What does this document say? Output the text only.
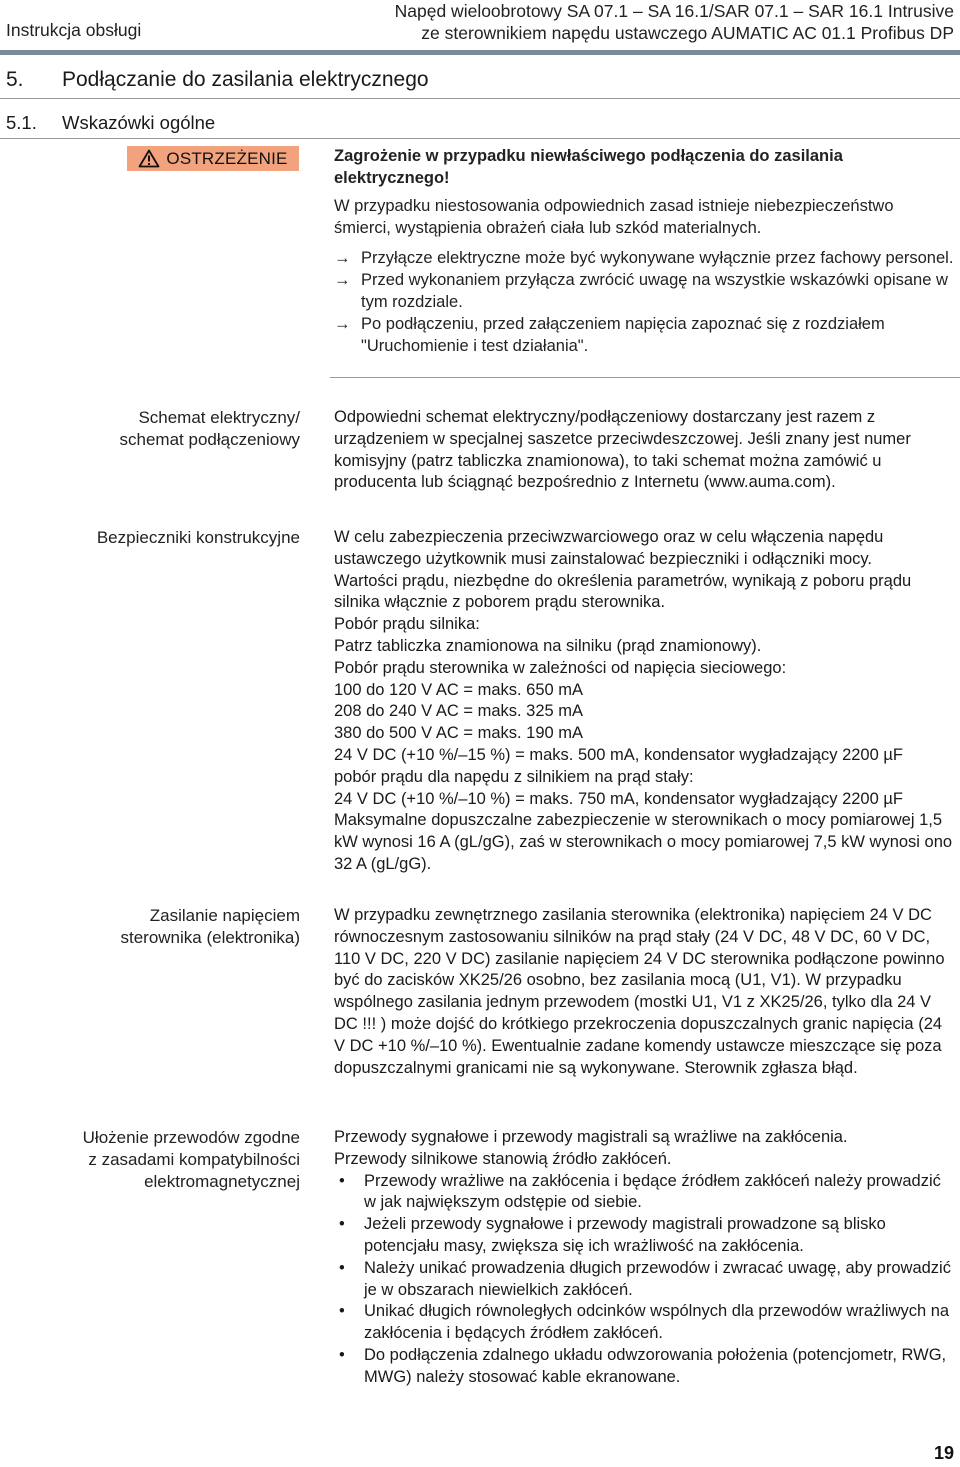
Instrukcja obsługi
Napęd wieloobrotowy SA 07.1 – SA 16.1/SAR 07.1 – SAR 16.1 Intrusive
ze sterownikiem napędu ustawczego AUMATIC AC 01.1 Profibus DP
5. Podłączanie do zasilania elektrycznego
5.1. Wskazówki ogólne
OSTRZEŻENIE	Zagrożenie w przypadku niewłaściwego podłączenia do zasilania elektrycznego!
W przypadku niestosowania odpowiednich zasad istnieje niebezpieczeństwo śmierci, wystąpienia obrażeń ciała lub szkód materialnych.
→ Przyłącze elektryczne może być wykonywane wyłącznie przez fachowy personel.
→ Przed wykonaniem przyłącza zwrócić uwagę na wszystkie wskazówki opisane w tym rozdziale.
→ Po podłączeniu, przed załączeniem napięcia zapoznać się z rozdziałem "Uruchomienie i test działania".
Schemat elektryczny/
schemat podłączeniowy

Odpowiedni schemat elektryczny/podłączeniowy dostarczany jest razem z urządzeniem w specjalnej saszetce przeciwdeszczowej. Jeśli znany jest numer komisyjny (patrz tabliczka znamionowa), to taki schemat można zamówić u producenta lub ściągnąć bezpośrednio z Internetu (www.auma.com).

Bezpieczniki konstrukcyjne W celu zabezpieczenia przeciwzwarciowego oraz w celu włączenia napędu ustawczego użytkownik musi zainstalować bezpieczniki i odłączniki mocy.

Wartości prądu, niezbędne do określenia parametrów, wynikają z poboru prądu silnika włącznie z poborem prądu sterownika.

Pobór prądu silnika:

Patrz tabliczka znamionowa na silniku (prąd znamionowy).

Pobór prądu sterownika w zależności od napięcia sieciowego:

100 do 120 V AC = maks. 650 mA

208 do 240 V AC = maks. 325 mA

380 do 500 V AC = maks. 190 mA

24 V DC (+10 %/–15 %) = maks. 500 mA, kondensator wygładzający 2200 µF

pobór prądu dla napędu z silnikiem na prąd stały:

24 V DC (+10 %/–10 %) = maks. 750 mA, kondensator wygładzający 2200 µF

Maksymalne dopuszczalne zabezpieczenie w sterownikach o mocy pomiarowej 1,5 kW wynosi 16 A (gL/gG), zaś w sterownikach o mocy pomiarowej 7,5 kW wynosi ono 32 A (gL/gG).

Zasilanie napięciem
sterownika (elektronika)

W przypadku zewnętrznego zasilania sterownika (elektronika) napięciem 24 V DC równoczesnym zastosowaniu silników na prąd stały (24 V DC, 48 V DC, 60 V DC, 110 V DC, 220 V DC) zasilanie napięciem 24 V DC sterownika podłączone powinno być do zacisków XK25/26 osobno, bez zasilania mocą (U1, V1). W przypadku wspólnego zasilania jednym przewodem (mostki U1, V1 z XK25/26, tylko dla 24 V DC !!! ) może dojść do krótkiego przekroczenia dopuszczalnych granic napięcia (24 V DC +10 %/–10 %). Ewentualnie zadane komendy ustawcze mieszczące się poza dopuszczalnymi granicami nie są wykonywane. Sterownik zgłasza błąd.

Ułożenie przewodów zgodne
z zasadami kompatybilności
elektromagnetycznej

Przewody sygnałowe i przewody magistrali są wrażliwe na zakłócenia.

Przewody silnikowe stanowią źródło zakłóceń.

• Przewody wrażliwe na zakłócenia i będące źródłem zakłóceń należy prowadzić w jak największym odstępie od siebie.
• Jeżeli przewody sygnałowe i przewody magistrali prowadzone są blisko potencjału masy, zwiększa się ich wrażliwość na zakłócenia.
• Należy unikać prowadzenia długich przewodów i zwracać uwagę, aby prowadzić je w obszarach niewielkich zakłóceń.
• Unikać długich równoległych odcinków wspólnych dla przewodów wrażliwych na zakłócenia i będących źródłem zakłóceń.
• Do podłączenia zdalnego układu odwzorowania położenia (potencjometr, RWG, MWG) należy stosować kable ekranowane.
19
